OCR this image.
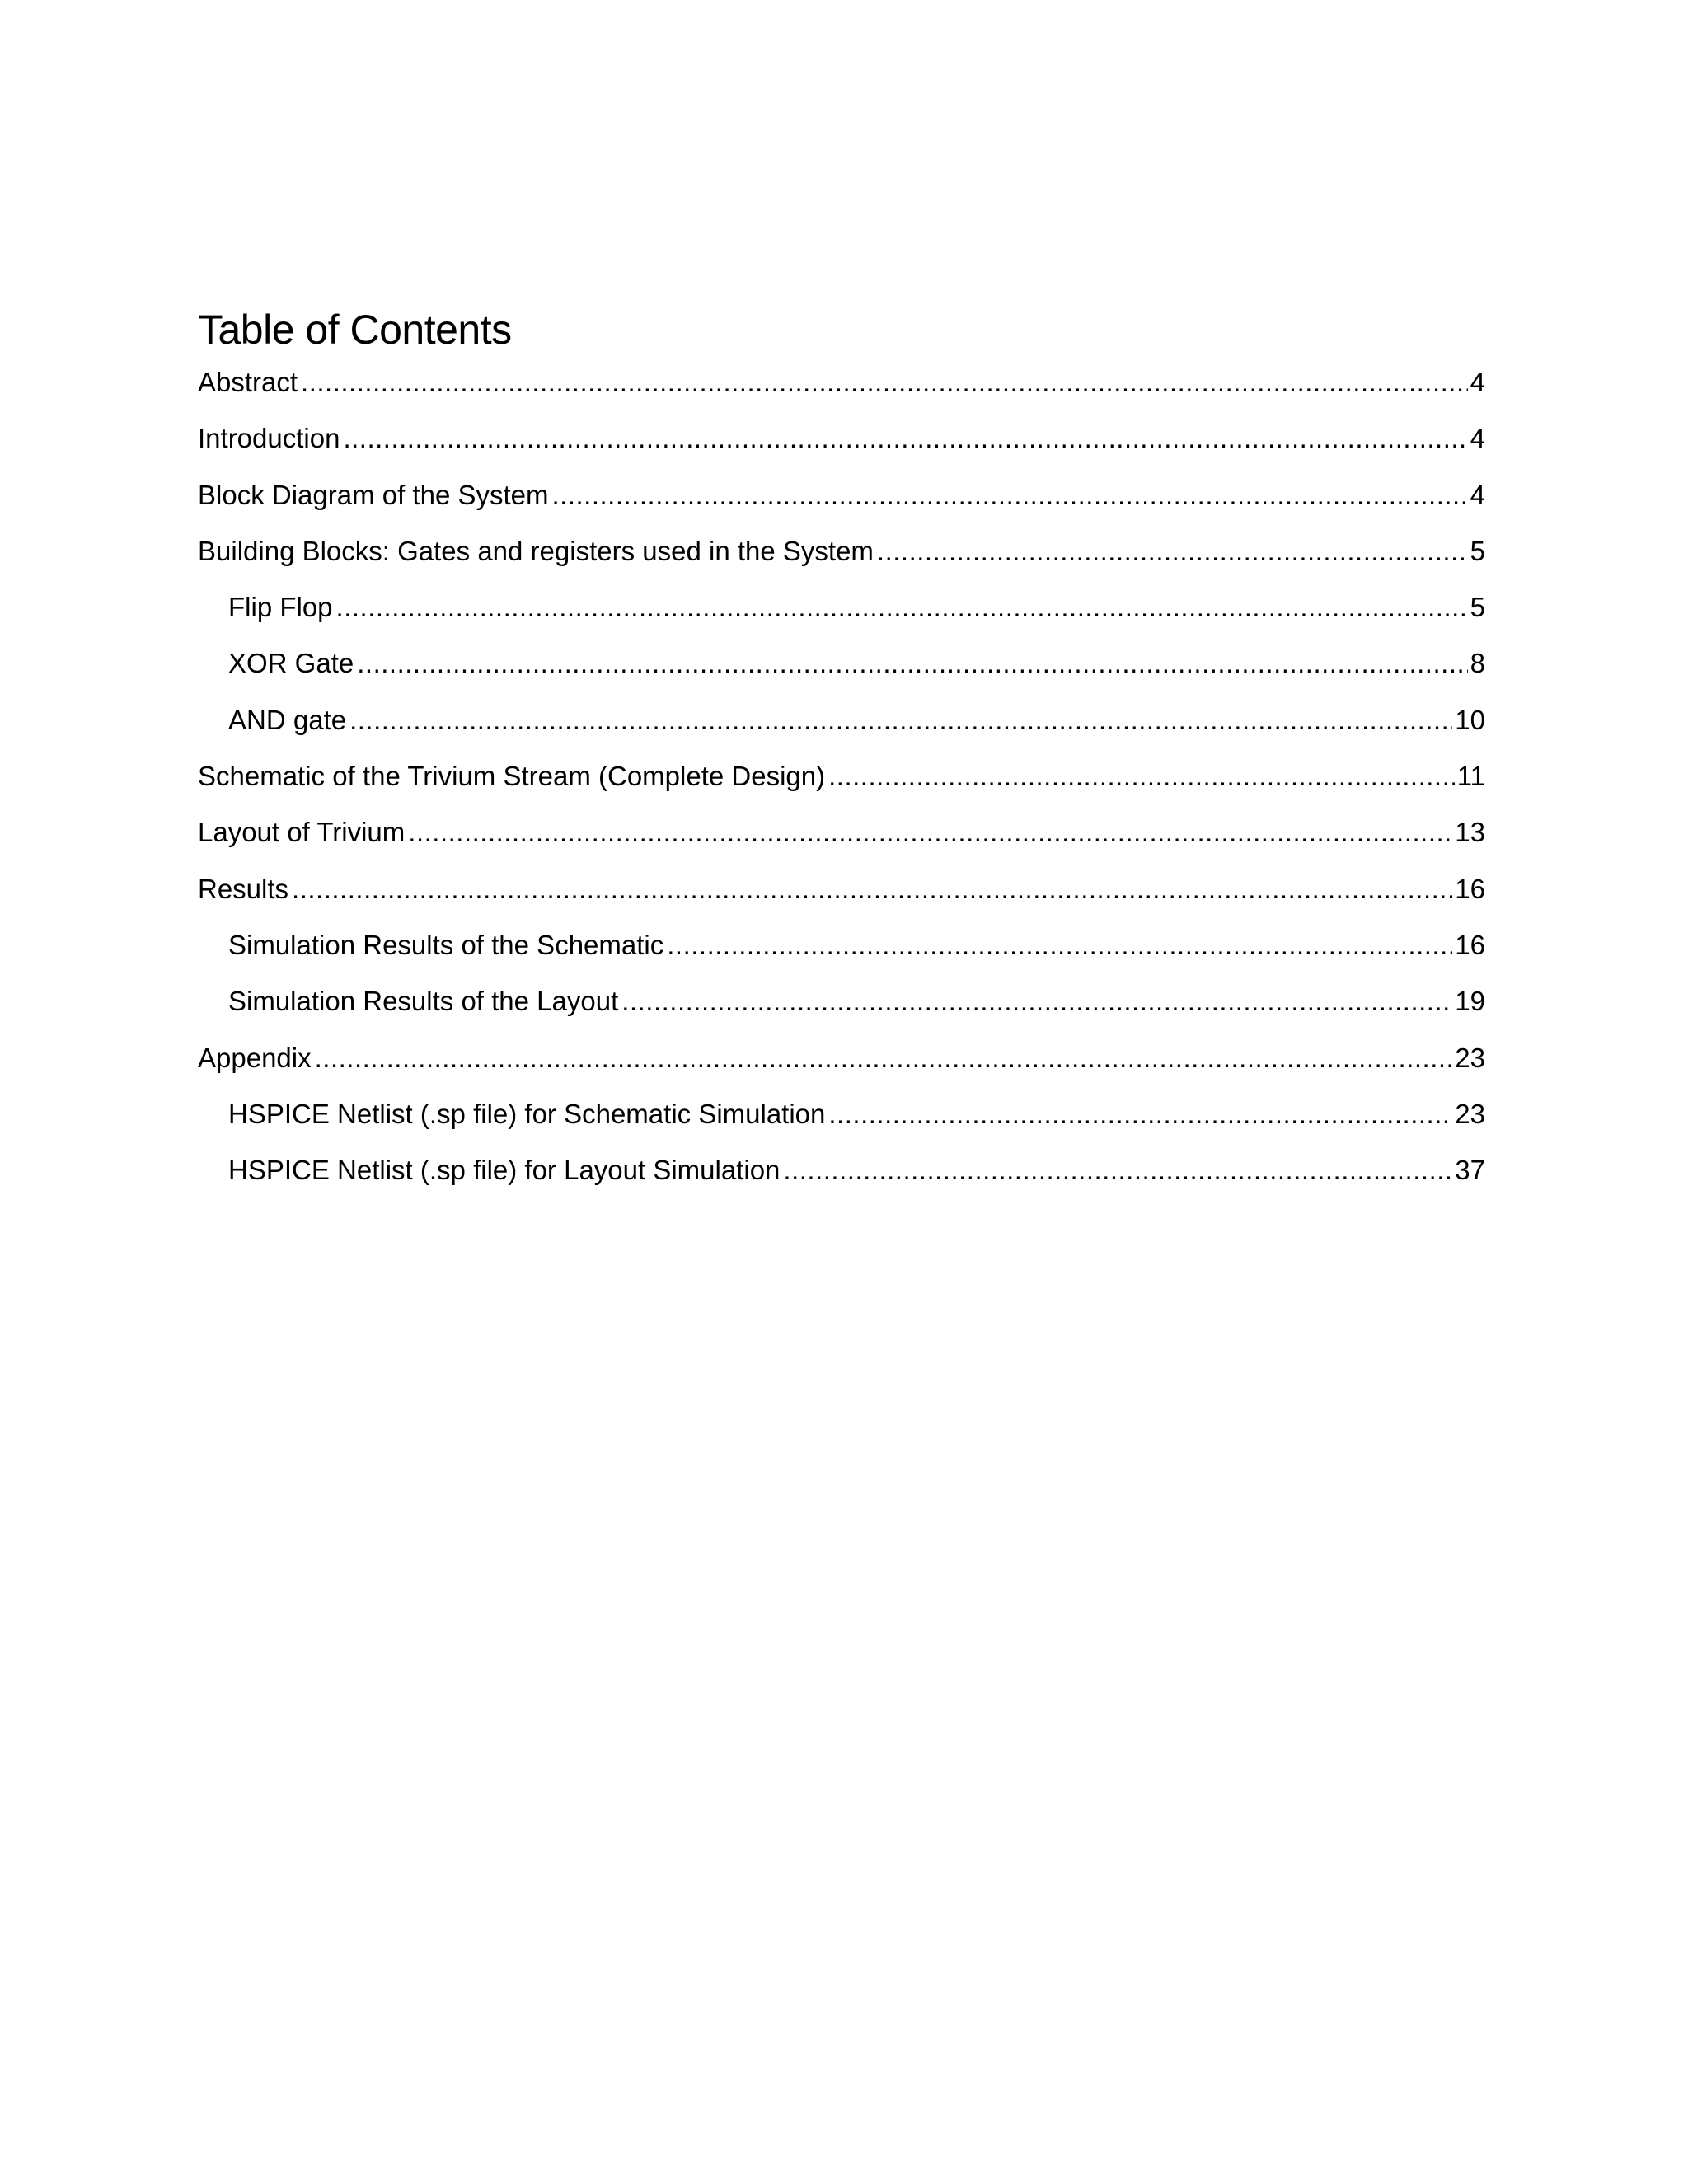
Table of Contents
Abstract .....	4
Introduction .....	4
Block Diagram of the System .....	4
Building Blocks: Gates and registers used in the System .....	5
Flip Flop .....	5
XOR Gate .....	8
AND gate .....	10
Schematic of the Trivium Stream (Complete Design) .....	11
Layout of Trivium .....	13
Results .....	16
Simulation Results of the Schematic .....	16
Simulation Results of the Layout .....	19
Appendix .....	23
HSPICE Netlist (.sp file) for Schematic Simulation .....	23
HSPICE Netlist (.sp file) for Layout Simulation .....	37
